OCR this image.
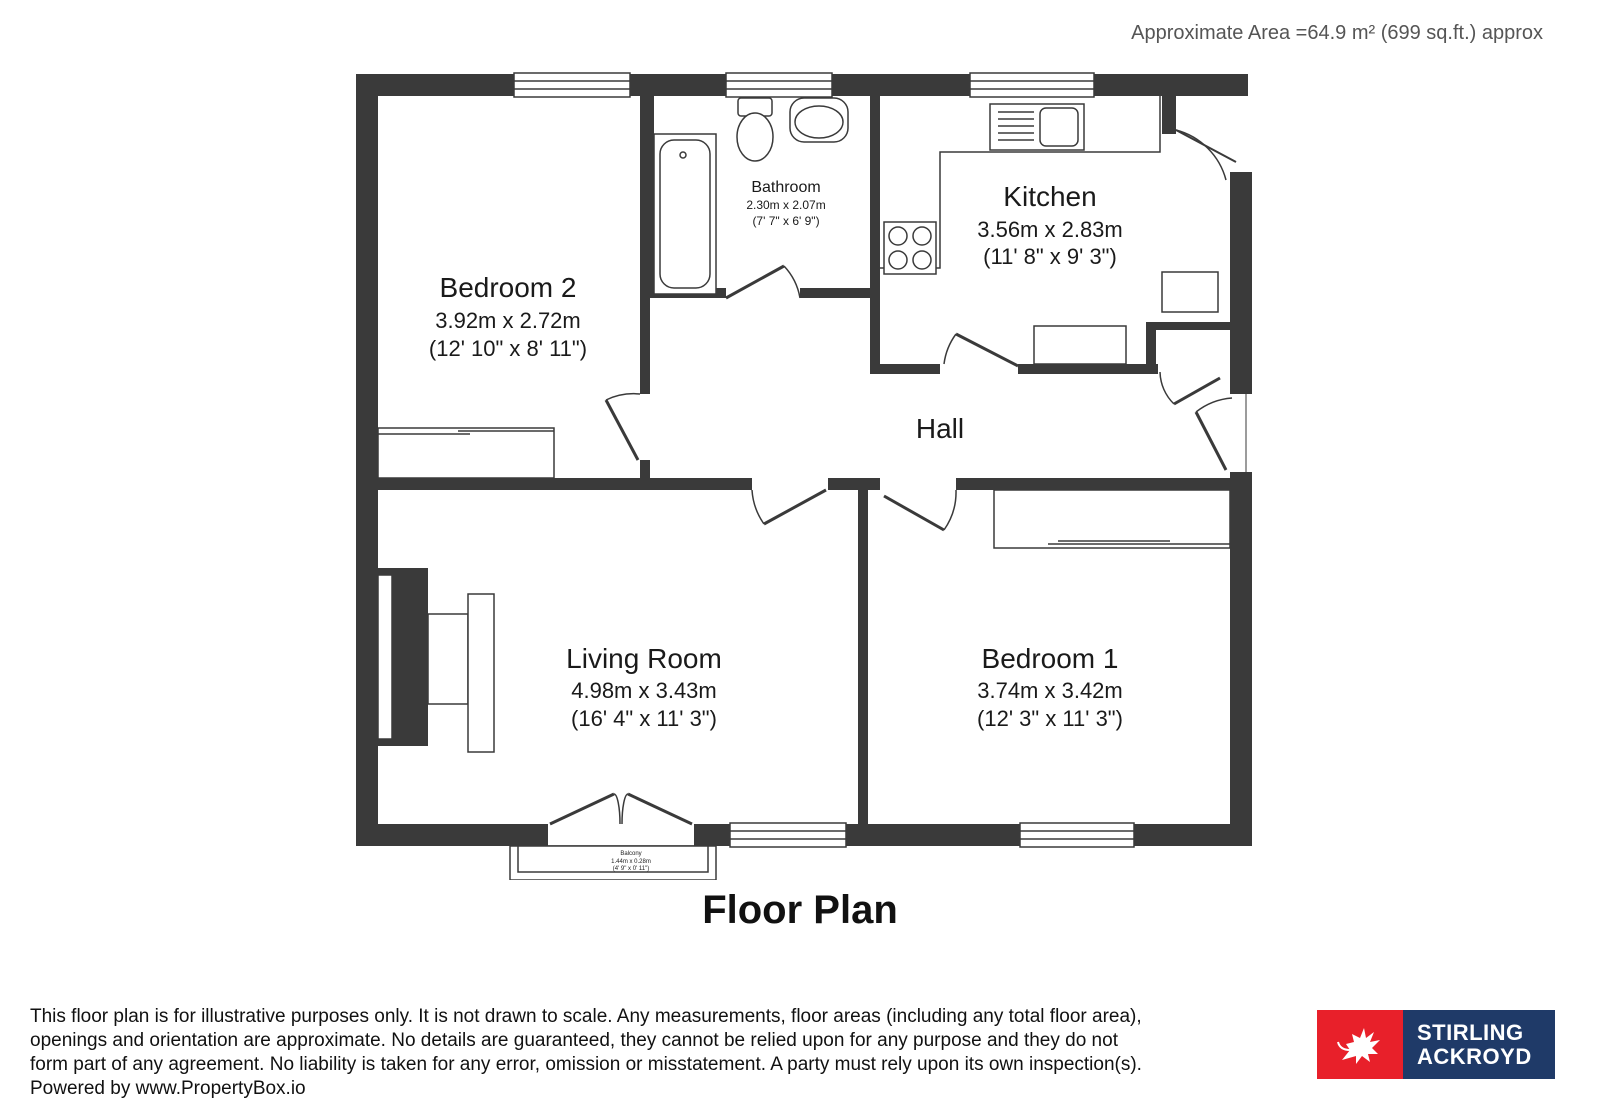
Approximate Area =64.9 m² (699 sq.ft.) approx
Bedroom 2
3.92m x 2.72m
(12' 10" x 8' 11")
Bathroom
2.30m x 2.07m
(7' 7" x 6' 9")
Kitchen
3.56m x 2.83m
(11' 8" x 9' 3")
Hall
Living Room
4.98m x 3.43m
(16' 4" x 11' 3")
Bedroom 1
3.74m x 3.42m
(12' 3" x 11' 3")
Balcony
1.44m x 0.28m
(4' 9" x 0' 11")
Floor Plan
This floor plan is for illustrative purposes only. It is not drawn to scale. Any measurements, floor areas (including any total floor area),
openings and orientation are approximate. No details are guaranteed, they cannot be relied upon for any purpose and they do not
form part of any agreement. No liability is taken for any error, omission or misstatement. A party must rely upon its own inspection(s).
Powered by www.PropertyBox.io
STIRLING
ACKROYD
